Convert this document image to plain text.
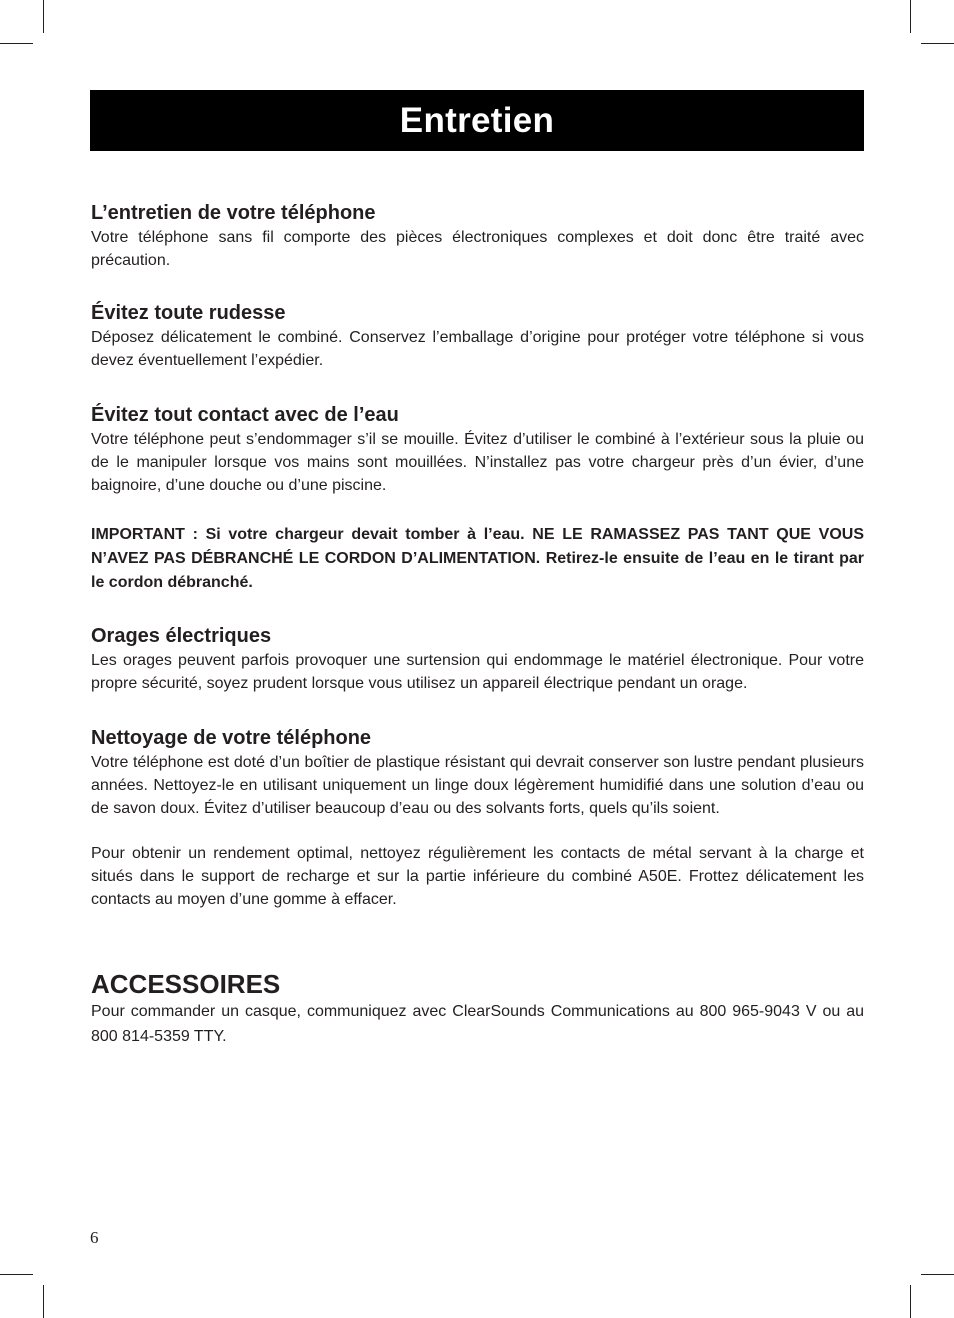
Entretien
L’entretien de votre téléphone

Votre téléphone sans fil comporte des pièces électroniques complexes et doit donc être traité avec précaution.

Évitez toute rudesse

Déposez délicatement le combiné. Conservez l’emballage d’origine pour protéger votre téléphone si vous devez éventuellement l’expédier.

Évitez tout contact avec de l’eau

Votre téléphone peut s’endommager s’il se mouille. Évitez d’utiliser le combiné à l’extérieur sous la pluie ou de le manipuler lorsque vos mains sont mouillées. N’installez pas votre chargeur près d’un évier, d’une baignoire, d’une douche ou d’une piscine.

IMPORTANT : Si votre chargeur devait tomber à l’eau. NE LE RAMASSEZ PAS TANT QUE VOUS N’AVEZ PAS DÉBRANCHÉ LE CORDON D’ALIMENTATION. Retirez-le ensuite de l’eau en le tirant par le cordon débranché.

Orages électriques

Les orages peuvent parfois provoquer une surtension qui endommage le matériel électronique. Pour votre propre sécurité, soyez prudent lorsque vous utilisez un appareil électrique pendant un orage.

Nettoyage de votre téléphone

Votre téléphone est doté d’un boîtier de plastique résistant qui devrait conserver son lustre pendant plusieurs années. Nettoyez-le en utilisant uniquement un linge doux légèrement humidifié dans une solution d’eau ou de savon doux. Évitez d’utiliser beaucoup d’eau ou des solvants forts, quels qu’ils soient.

Pour obtenir un rendement optimal, nettoyez régulièrement les contacts de métal servant à la charge et situés dans le support de recharge et sur la partie inférieure du combiné A50E. Frottez délicatement les contacts au moyen d’une gomme à effacer.

ACCESSOIRES

Pour commander un casque, communiquez avec ClearSounds Communications au 800 965-9043 V ou au 800 814-5359 TTY.

6
